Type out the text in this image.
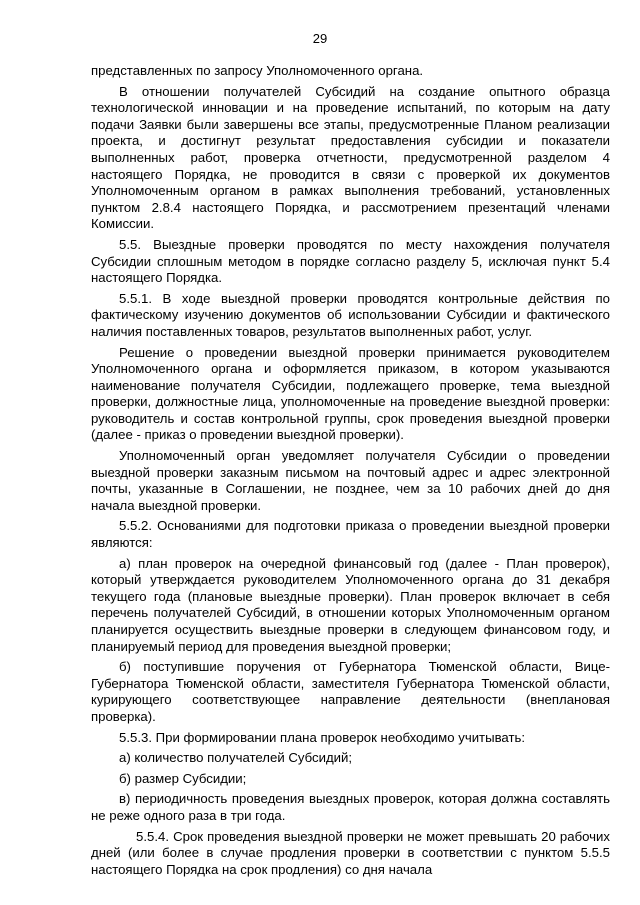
29

представленных по запросу Уполномоченного органа.

В отношении получателей Субсидий на создание опытного образца технологической инновации и на проведение испытаний, по которым на дату подачи Заявки были завершены все этапы, предусмотренные Планом реализации проекта, и достигнут результат предоставления субсидии и показатели выполненных работ, проверка отчетности, предусмотренной разделом 4 настоящего Порядка, не проводится в связи с проверкой их документов Уполномоченным органом в рамках выполнения требований, установленных пунктом 2.8.4 настоящего Порядка, и рассмотрением презентаций членами Комиссии.

5.5. Выездные проверки проводятся по месту нахождения получателя Субсидии сплошным методом в порядке согласно разделу 5, исключая пункт 5.4 настоящего Порядка.

5.5.1. В ходе выездной проверки проводятся контрольные действия по фактическому изучению документов об использовании Субсидии и фактического наличия поставленных товаров, результатов выполненных работ, услуг.

Решение о проведении выездной проверки принимается руководителем Уполномоченного органа и оформляется приказом, в котором указываются наименование получателя Субсидии, подлежащего проверке, тема выездной проверки, должностные лица, уполномоченные на проведение выездной проверки: руководитель и состав контрольной группы, срок проведения выездной проверки (далее - приказ о проведении выездной проверки).

Уполномоченный орган уведомляет получателя Субсидии о проведении выездной проверки заказным письмом на почтовый адрес и адрес электронной почты, указанные в Соглашении, не позднее, чем за 10 рабочих дней до дня начала выездной проверки.

5.5.2. Основаниями для подготовки приказа о проведении выездной проверки являются:

а) план проверок на очередной финансовый год (далее - План проверок), который утверждается руководителем Уполномоченного органа до 31 декабря текущего года (плановые выездные проверки). План проверок включает в себя перечень получателей Субсидий, в отношении которых Уполномоченным органом планируется осуществить выездные проверки в следующем финансовом году, и планируемый период для проведения выездной проверки;

б) поступившие поручения от Губернатора Тюменской области, Вице-Губернатора Тюменской области, заместителя Губернатора Тюменской области, курирующего соответствующее направление деятельности (внеплановая проверка).

5.5.3. При формировании плана проверок необходимо учитывать:

а) количество получателей Субсидий;

б) размер Субсидии;

в) периодичность проведения выездных проверок, которая должна составлять не реже одного раза в три года.

5.5.4. Срок проведения выездной проверки не может превышать 20 рабочих дней (или более в случае продления проверки в соответствии с пунктом 5.5.5 настоящего Порядка на срок продления) со дня начала
